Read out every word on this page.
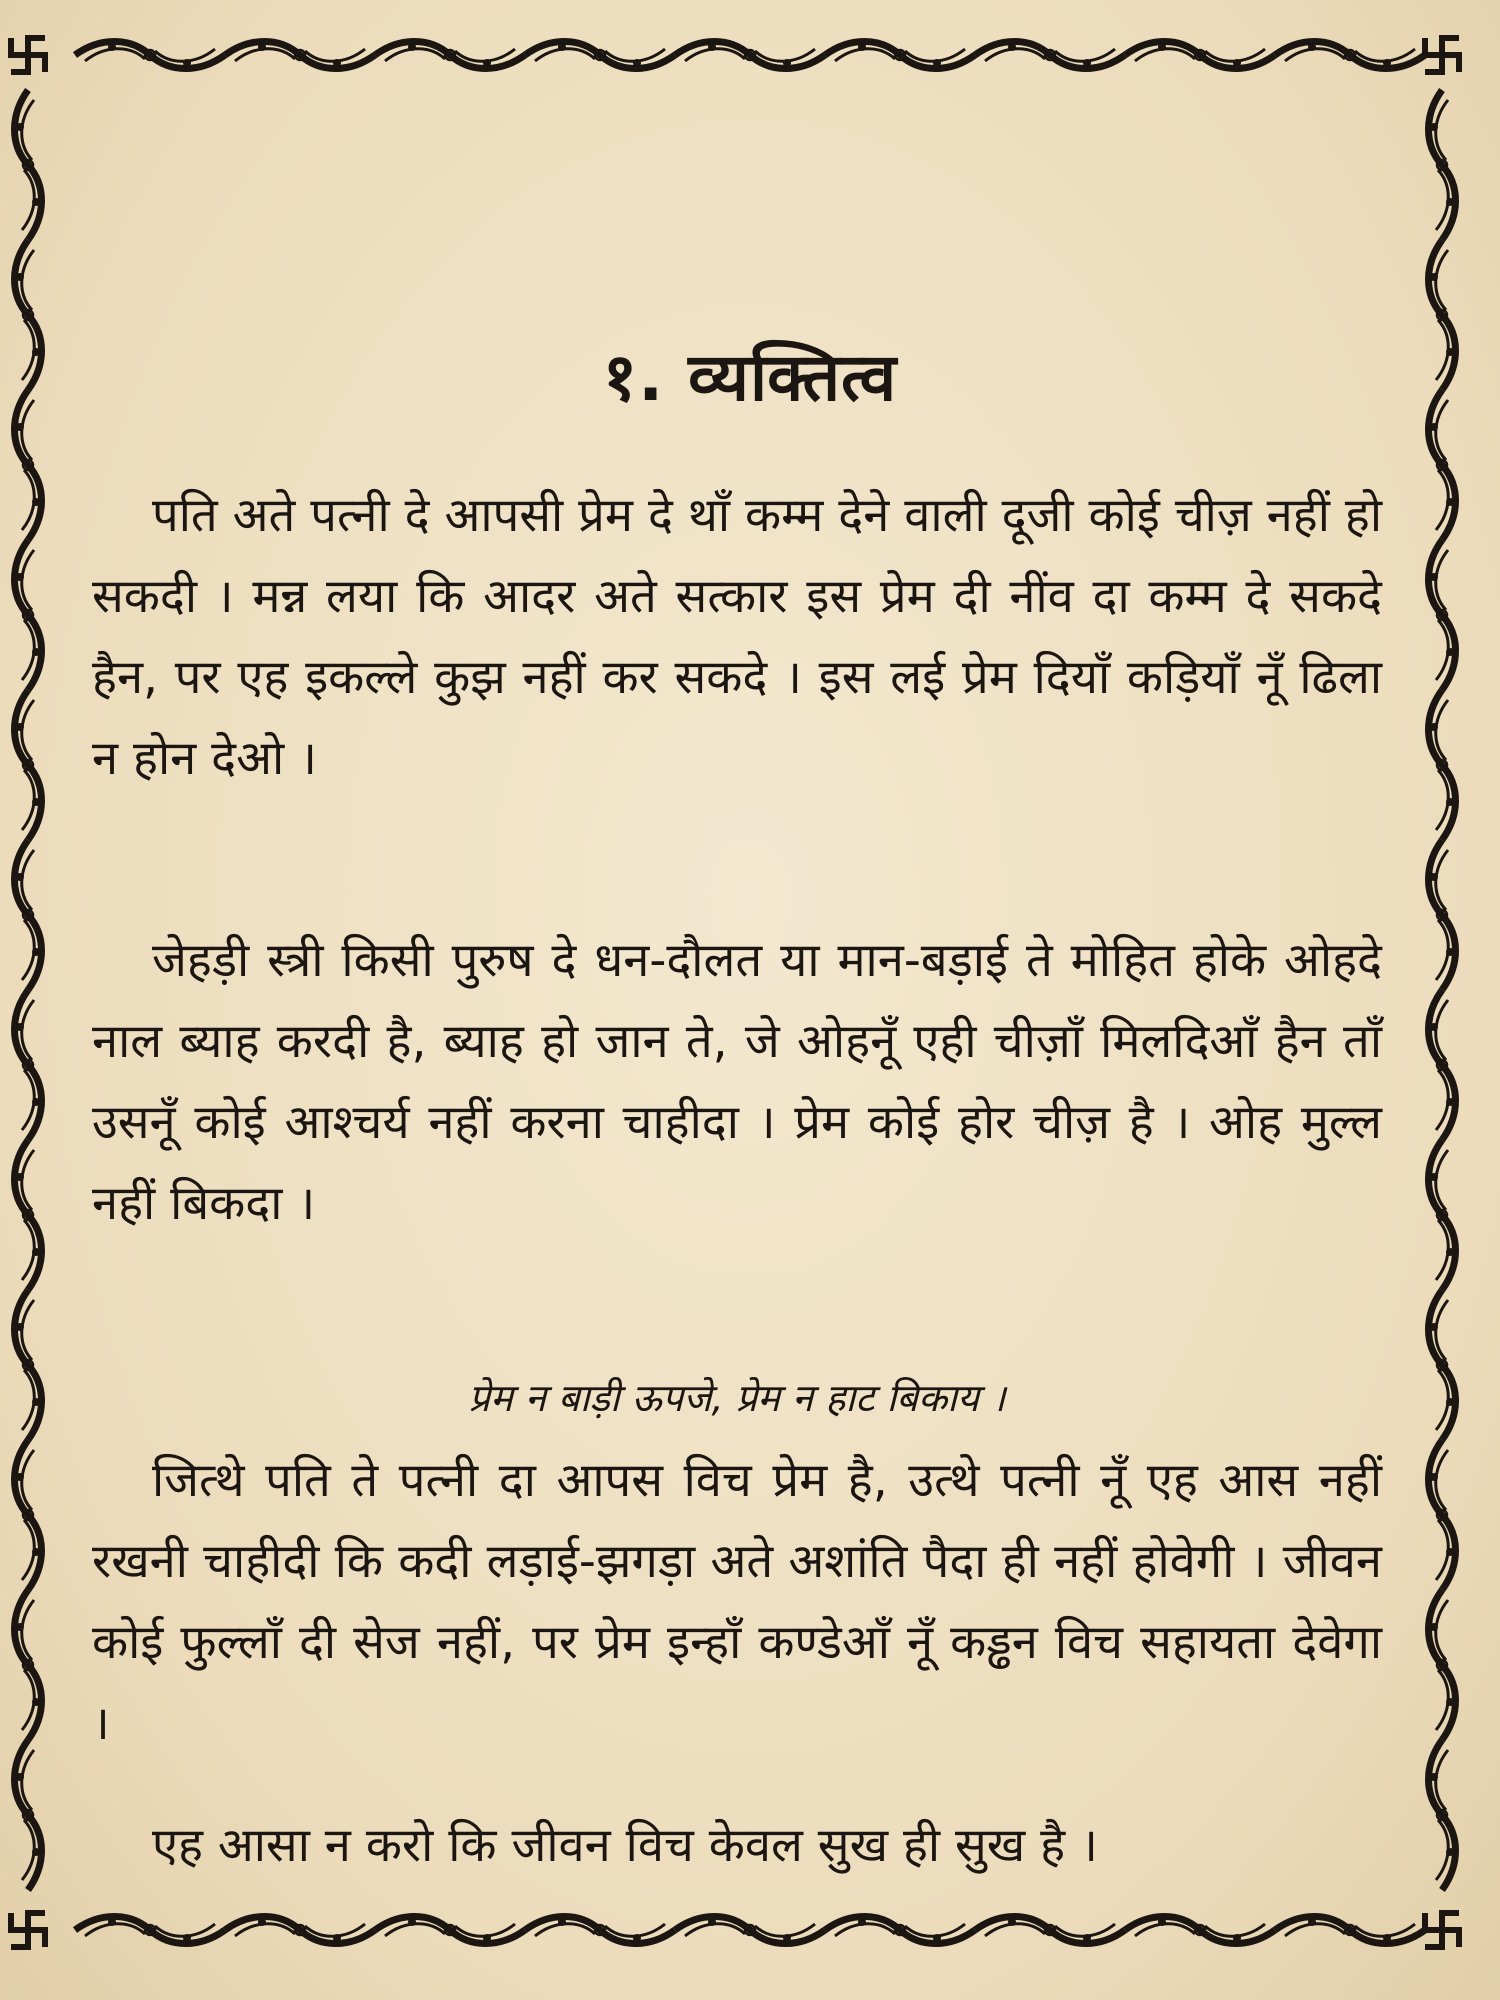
१. व्यक्तित्व

पति अते पत्नी दे आपसी प्रेम दे थाँ कम्म देने वाली दूजी कोई चीज़ नहीं हो सकदी । मन्न लया कि आदर अते सत्कार इस प्रेम दी नींव दा कम्म दे सकदे हैन, पर एह इकल्ले कुझ नहीं कर सकदे । इस लई प्रेम दियाँ कड़ियाँ नूँ ढिला न होन देओ ।

जेहड़ी स्त्री किसी पुरुष दे धन-दौलत या मान-बड़ाई ते मोहित होके ओहदे नाल ब्याह करदी है, ब्याह हो जान ते, जे ओहनूँ एही चीज़ाँ मिलदिआँ हैन ताँ उसनूँ कोई आश्चर्य नहीं करना चाहीदा । प्रेम कोई होर चीज़ है । ओह मुल्ल नहीं बिकदा ।

प्रेम न बाड़ी ऊपजे, प्रेम न हाट बिकाय ।

जित्थे पति ते पत्नी दा आपस विच प्रेम है, उत्थे पत्नी नूँ एह आस नहीं रखनी चाहीदी कि कदी लड़ाई-झगड़ा अते अशांति पैदा ही नहीं होवेगी । जीवन कोई फुल्लाँ दी सेज नहीं, पर प्रेम इन्हाँ कण्डेआँ नूँ कड्ढन विच सहायता देवेगा ।

एह आसा न करो कि जीवन विच केवल सुख ही सुख है ।
